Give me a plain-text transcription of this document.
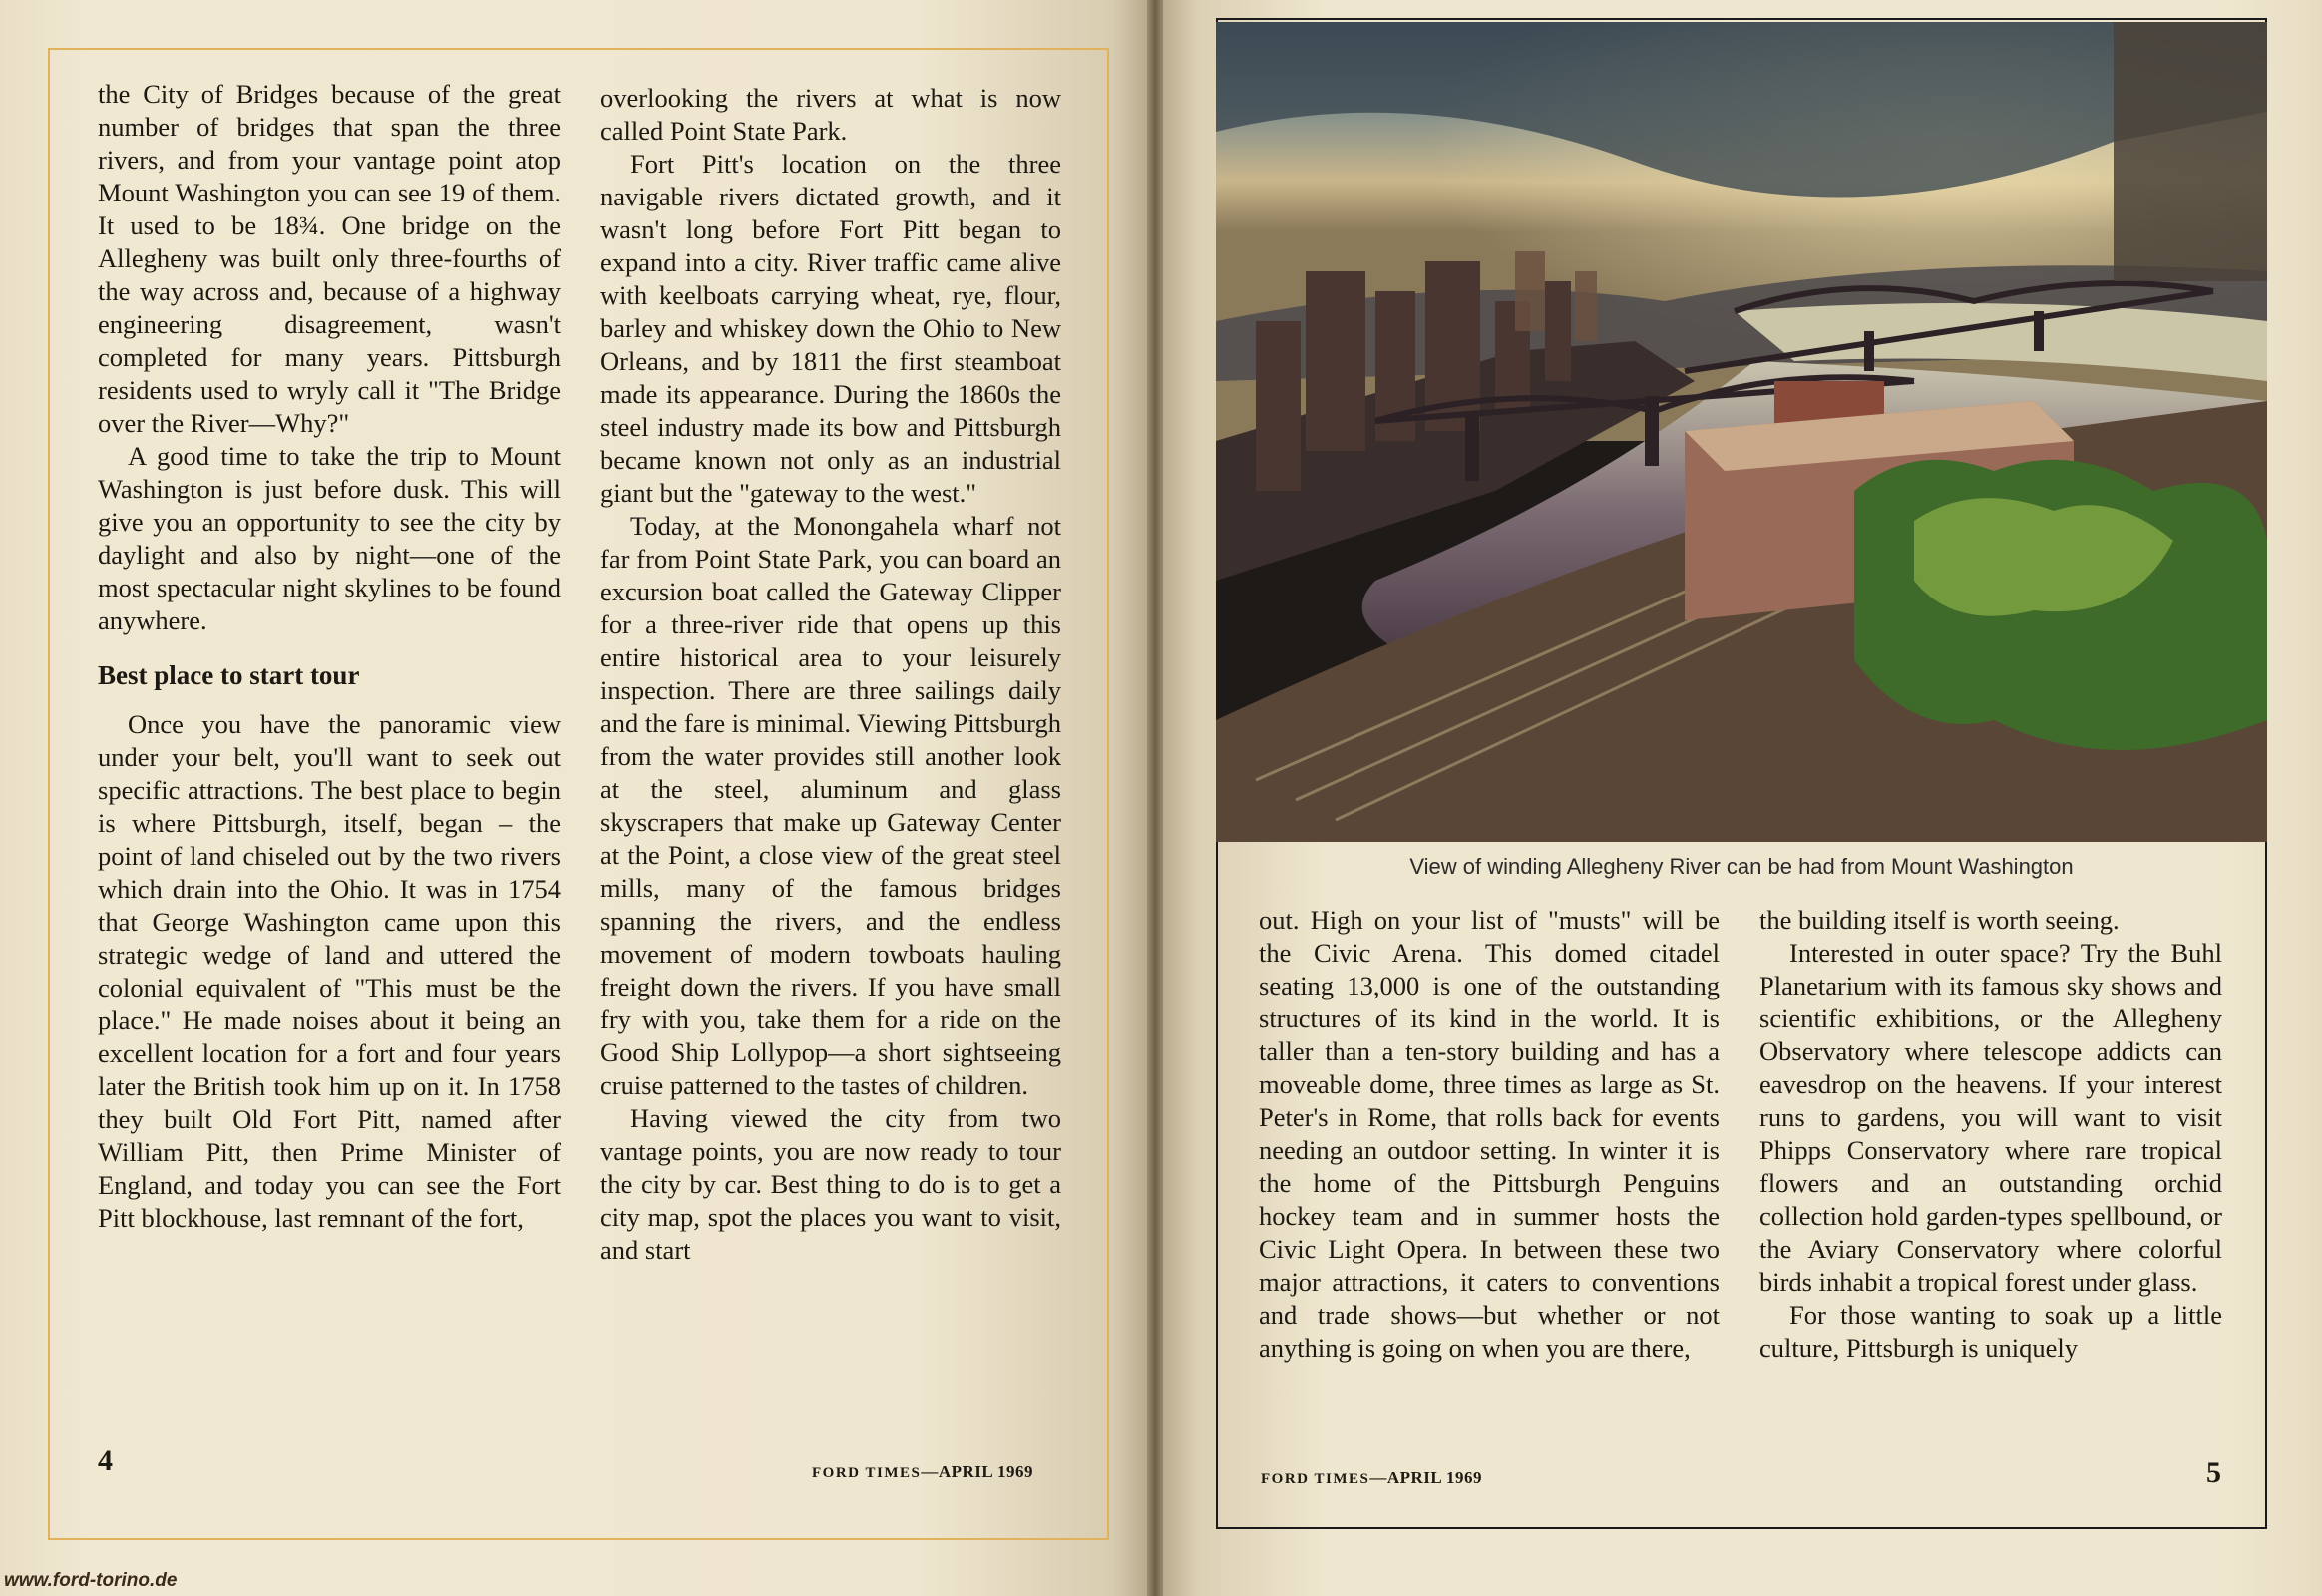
the City of Bridges because of the great number of bridges that span the three rivers, and from your vantage point atop Mount Washington you can see 19 of them. It used to be 18¾. One bridge on the Allegheny was built only three-fourths of the way across and, because of a highway engineering disagreement, wasn't completed for many years. Pittsburgh residents used to wryly call it "The Bridge over the River—Why?"

A good time to take the trip to Mount Washington is just before dusk. This will give you an opportunity to see the city by daylight and also by night—one of the most spectacular night skylines to be found anywhere.

Best place to start tour

Once you have the panoramic view under your belt, you'll want to seek out specific attractions. The best place to begin is where Pittsburgh, itself, began – the point of land chiseled out by the two rivers which drain into the Ohio. It was in 1754 that George Washington came upon this strategic wedge of land and uttered the colonial equivalent of "This must be the place." He made noises about it being an excellent location for a fort and four years later the British took him up on it. In 1758 they built Old Fort Pitt, named after William Pitt, then Prime Minister of England, and today you can see the Fort Pitt blockhouse, last remnant of the fort,

overlooking the rivers at what is now called Point State Park.

Fort Pitt's location on the three navigable rivers dictated growth, and it wasn't long before Fort Pitt began to expand into a city. River traffic came alive with keelboats carrying wheat, rye, flour, barley and whiskey down the Ohio to New Orleans, and by 1811 the first steamboat made its appearance. During the 1860s the steel industry made its bow and Pittsburgh became known not only as an industrial giant but the "gateway to the west."

Today, at the Monongahela wharf not far from Point State Park, you can board an excursion boat called the Gateway Clipper for a three-river ride that opens up this entire historical area to your leisurely inspection. There are three sailings daily and the fare is minimal. Viewing Pittsburgh from the water provides still another look at the steel, aluminum and glass skyscrapers that make up Gateway Center at the Point, a close view of the great steel mills, many of the famous bridges spanning the rivers, and the endless movement of modern towboats hauling freight down the rivers. If you have small fry with you, take them for a ride on the Good Ship Lollypop—a short sightseeing cruise patterned to the tastes of children.

Having viewed the city from two vantage points, you are now ready to tour the city by car. Best thing to do is to get a city map, spot the places you want to visit, and start

4	FORD TIMES—APRIL 1969
View of winding Allegheny River can be had from Mount Washington

out. High on your list of "musts" will be the Civic Arena. This domed citadel seating 13,000 is one of the outstanding structures of its kind in the world. It is taller than a ten-story building and has a moveable dome, three times as large as St. Peter's in Rome, that rolls back for events needing an outdoor setting. In winter it is the home of the Pittsburgh Penguins hockey team and in summer hosts the Civic Light Opera. In between these two major attractions, it caters to conventions and trade shows—but whether or not anything is going on when you are there,

the building itself is worth seeing.

Interested in outer space? Try the Buhl Planetarium with its famous sky shows and scientific exhibitions, or the Allegheny Observatory where telescope addicts can eavesdrop on the heavens. If your interest runs to gardens, you will want to visit Phipps Conservatory where rare tropical flowers and an outstanding orchid collection hold garden-types spellbound, or the Aviary Conservatory where colorful birds inhabit a tropical forest under glass.

For those wanting to soak up a little culture, Pittsburgh is uniquely

FORD TIMES—APRIL 1969	5
www.ford-torino.de
